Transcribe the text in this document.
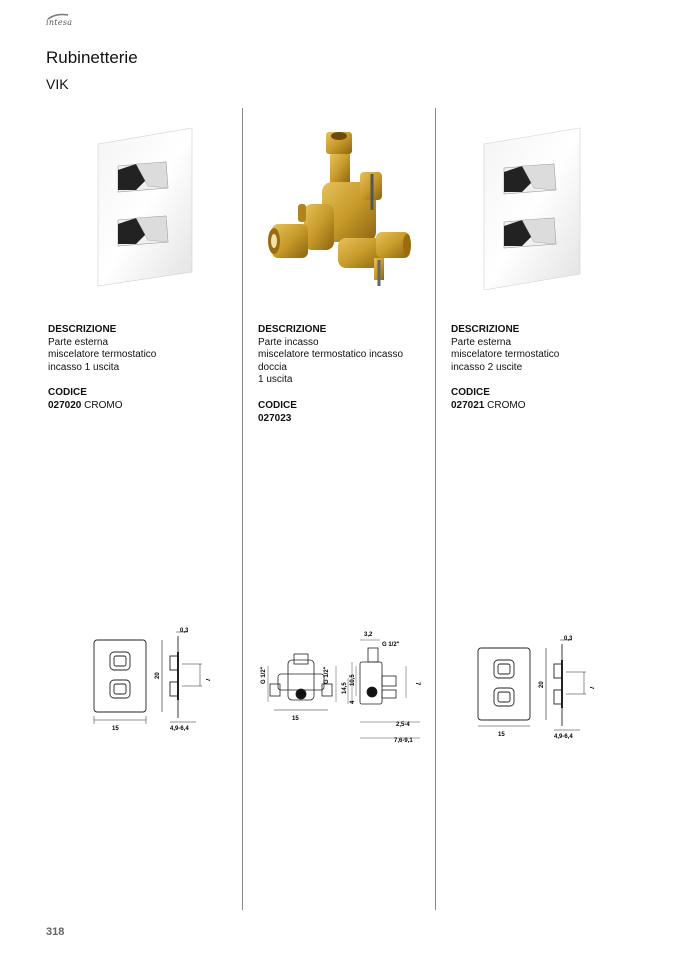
intesa
Rubinetterie
VIK
DESCRIZIONE
Parte esterna
miscelatore termostatico
incasso 1 uscita
CODICE
027020 CROMO
DESCRIZIONE
Parte incasso
miscelatore termostatico incasso
doccia
1 uscita
CODICE
027023
DESCRIZIONE
Parte esterna
miscelatore termostatico
incasso 2 uscite
CODICE
027021 CROMO
15
20
7
0,3
4,9-6,4
G 1/2"	G 1/2"
15
3,2
G 1/2"
14,5
10,5
4
7
2,5-4
7,6-9,1
15
20	7
0,3
4,9-6,4
318
